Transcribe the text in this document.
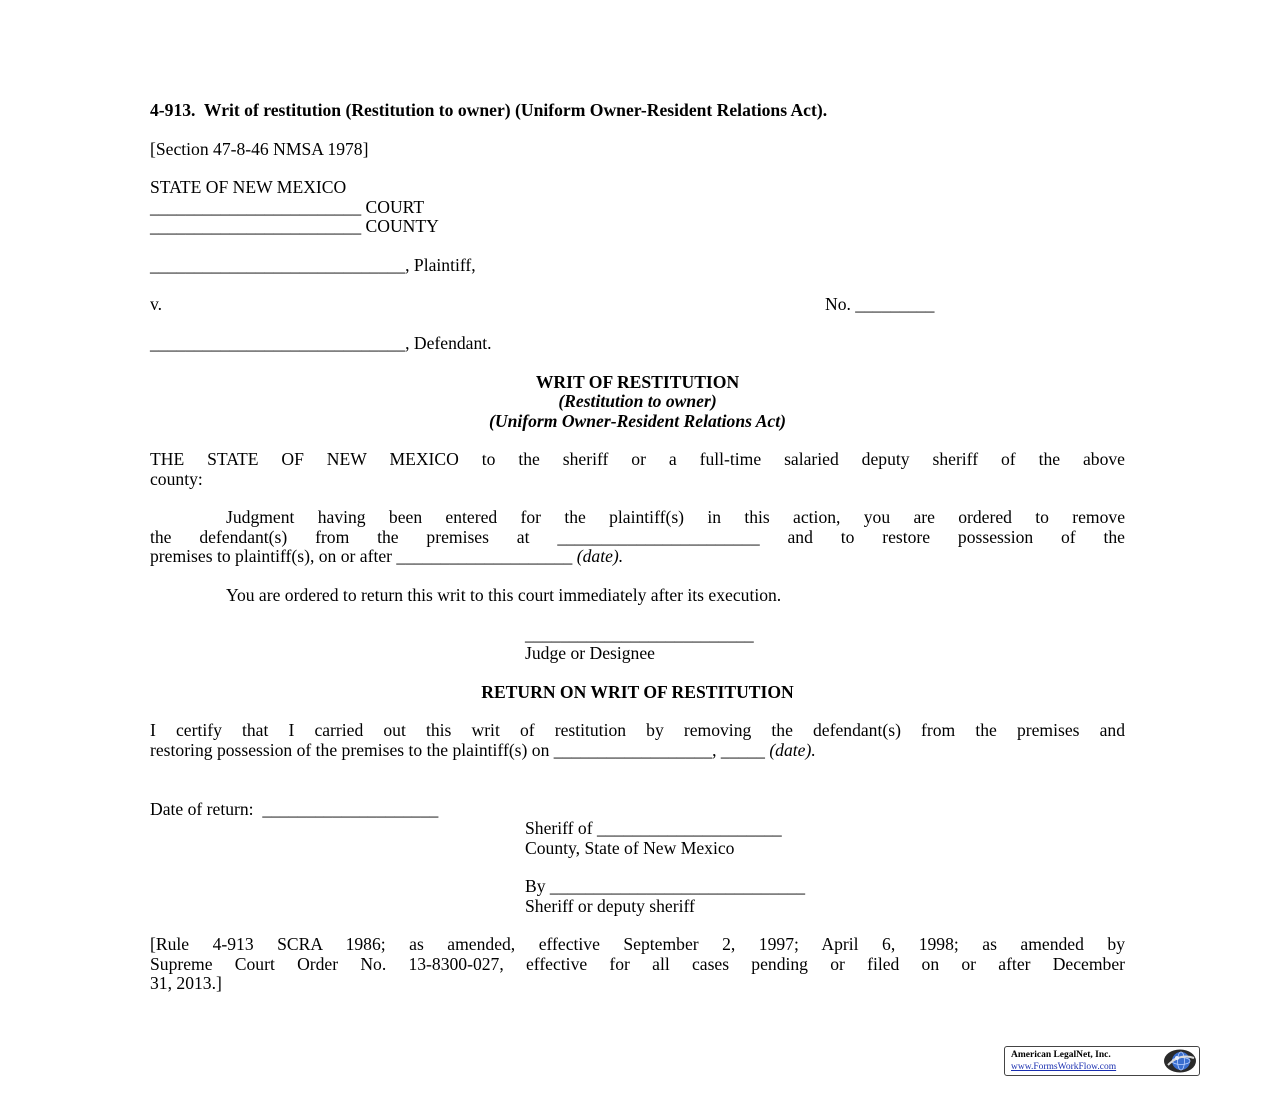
4-913.  Writ of restitution (Restitution to owner) (Uniform Owner-Resident Relations Act).
[Section 47-8-46 NMSA 1978]
STATE OF NEW MEXICO
________________________ COURT
________________________ COUNTY
_____________________________, Plaintiff,
v.	No. _________
_____________________________, Defendant.
WRIT OF RESTITUTION
(Restitution to owner)
(Uniform Owner-Resident Relations Act)
THE STATE OF NEW MEXICO to the sheriff or a full-time salaried deputy sheriff of the above
county:
Judgment having been entered for the plaintiff(s) in this action, you are ordered to remove
the defendant(s) from the premises at _______________________ and to restore possession of the
premises to plaintiff(s), on or after ____________________ (date).
You are ordered to return this writ to this court immediately after its execution.
__________________________
Judge or Designee
RETURN ON WRIT OF RESTITUTION
I certify that I carried out this writ of restitution by removing the defendant(s) from the premises and
restoring possession of the premises to the plaintiff(s) on __________________, _____ (date).
Date of return:  ____________________
Sheriff of _____________________
County, State of New Mexico
By _____________________________
Sheriff or deputy sheriff
[Rule 4-913 SCRA 1986; as amended, effective September 2, 1997; April 6, 1998; as amended by
Supreme Court Order No. 13-8300-027, effective for all cases pending or filed on or after December
31, 2013.]
American LegalNet, Inc.
www.FormsWorkFlow.com
